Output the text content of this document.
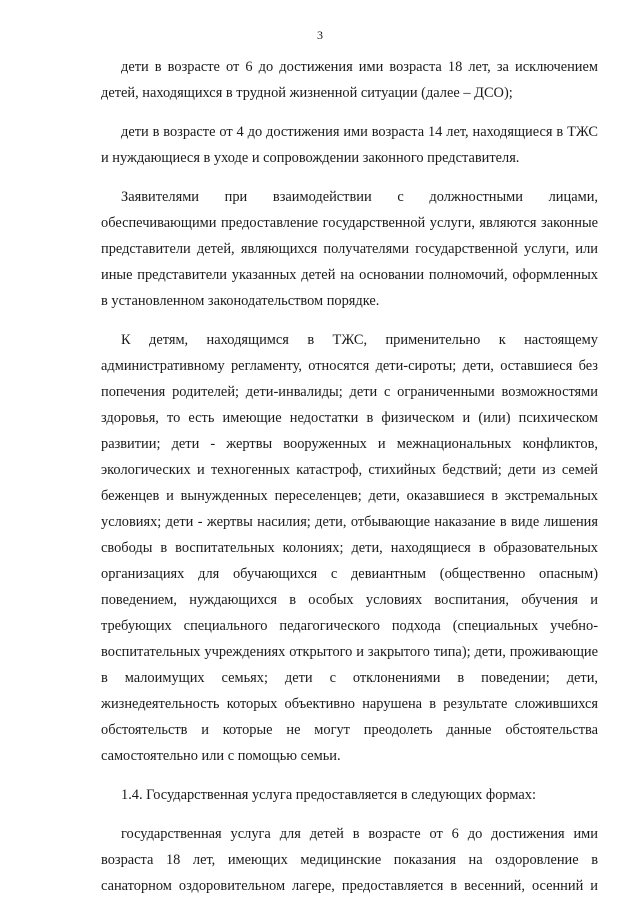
3

дети в возрасте от 6 до достижения ими возраста 18 лет, за исключением детей, находящихся в трудной жизненной ситуации (далее – ДСО);

дети в возрасте от 4 до достижения ими возраста 14 лет, находящиеся в ТЖС и нуждающиеся в уходе и сопровождении законного представителя.

Заявителями при взаимодействии с должностными лицами, обеспечивающими предоставление государственной услуги, являются законные представители детей, являющихся получателями государственной услуги, или иные представители указанных детей на основании полномочий, оформленных в установленном законодательством порядке.

К детям, находящимся в ТЖС, применительно к настоящему административному регламенту, относятся дети-сироты; дети, оставшиеся без попечения родителей; дети-инвалиды; дети с ограниченными возможностями здоровья, то есть имеющие недостатки в физическом и (или) психическом развитии; дети - жертвы вооруженных и межнациональных конфликтов, экологических и техногенных катастроф, стихийных бедствий; дети из семей беженцев и вынужденных переселенцев; дети, оказавшиеся в экстремальных условиях; дети - жертвы насилия; дети, отбывающие наказание в виде лишения свободы в воспитательных колониях; дети, находящиеся в образовательных организациях для обучающихся с девиантным (общественно опасным) поведением, нуждающихся в особых условиях воспитания, обучения и требующих специального педагогического подхода (специальных учебно-воспитательных учреждениях открытого и закрытого типа); дети, проживающие в малоимущих семьях; дети с отклонениями в поведении; дети, жизнедеятельность которых объективно нарушена в результате сложившихся обстоятельств и которые не могут преодолеть данные обстоятельства самостоятельно или с помощью семьи.

1.4. Государственная услуга предоставляется в следующих формах:

государственная услуга для детей в возрасте от 6 до достижения ими возраста 18 лет, имеющих медицинские показания на оздоровление в санаторном оздоровительном лагере, предоставляется в весенний, осенний и
